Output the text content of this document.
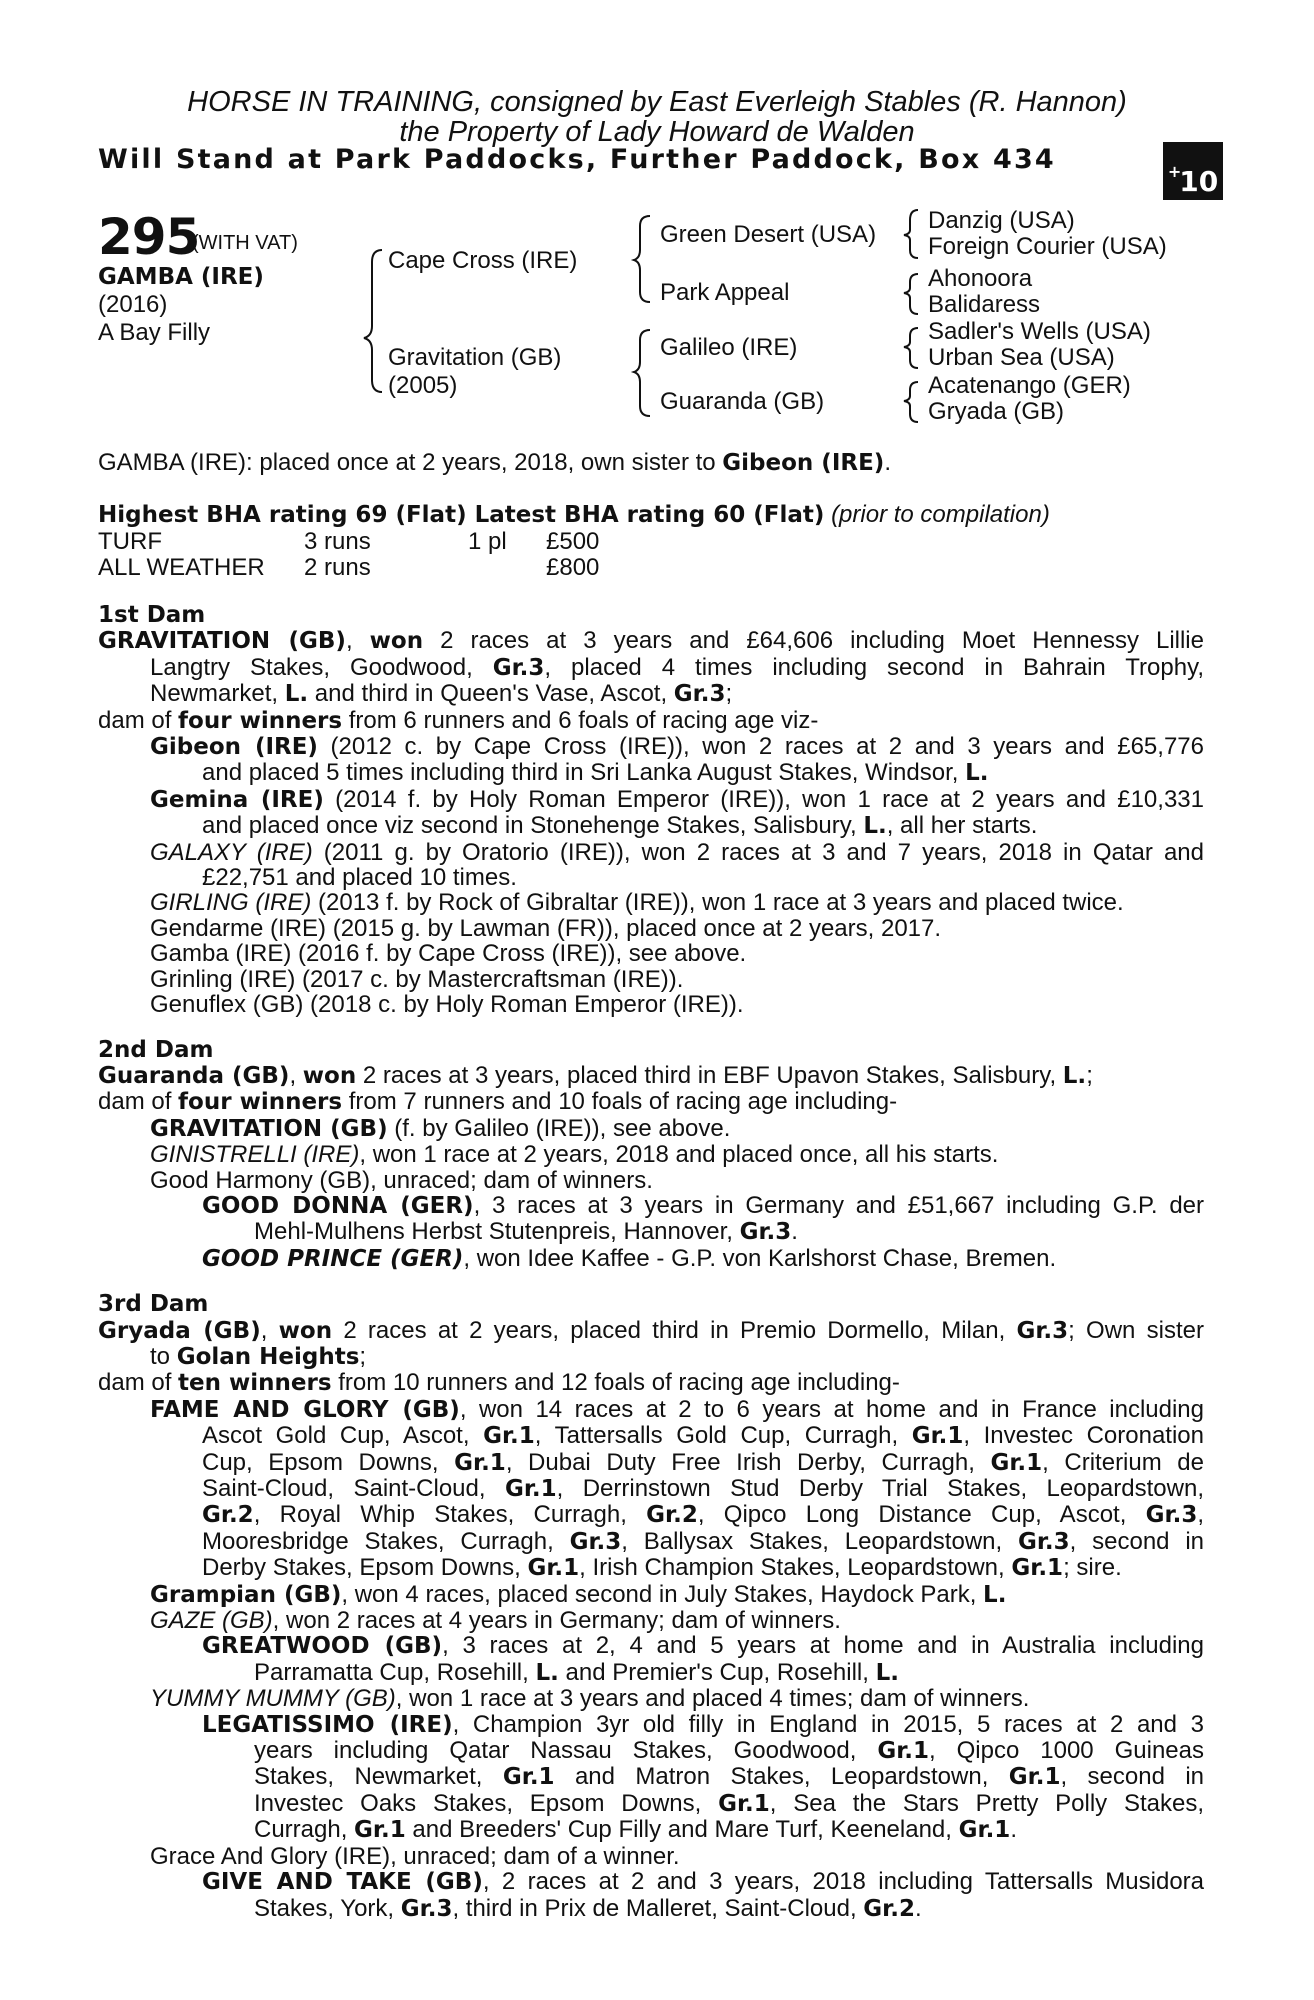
HORSE IN TRAINING, consigned by East Everleigh Stables (R. Hannon)
the Property of Lady Howard de Walden
Will Stand at Park Paddocks, Further Paddock, Box 434	+10
295
(WITH VAT)
GAMBA (IRE)
(2016)
A Bay Filly
Cape Cross (IRE)
Gravitation (GB)
(2005)
Green Desert (USA)
Park Appeal
Galileo (IRE)
Guaranda (GB)
Danzig (USA)
Foreign Courier (USA)
Ahonoora
Balidaress
Sadler's Wells (USA)
Urban Sea (USA)
Acatenango (GER)
Gryada (GB)
GAMBA (IRE): placed once at 2 years, 2018, own sister to Gibeon (IRE).
Highest BHA rating 69 (Flat) Latest BHA rating 60 (Flat) (prior to compilation)
TURF	3 runs	1 pl	£500
ALL WEATHER	2 runs		£800

1st Dam

GRAVITATION (GB), won 2 races at 3 years and £64,606 including Moet Hennessy Lillie

Langtry Stakes, Goodwood, Gr.3, placed 4 times including second in Bahrain Trophy,

Newmarket, L. and third in Queen's Vase, Ascot, Gr.3;

dam of four winners from 6 runners and 6 foals of racing age viz-

Gibeon (IRE) (2012 c. by Cape Cross (IRE)), won 2 races at 2 and 3 years and £65,776

and placed 5 times including third in Sri Lanka August Stakes, Windsor, L.

Gemina (IRE) (2014 f. by Holy Roman Emperor (IRE)), won 1 race at 2 years and £10,331

and placed once viz second in Stonehenge Stakes, Salisbury, L., all her starts.

GALAXY (IRE) (2011 g. by Oratorio (IRE)), won 2 races at 3 and 7 years, 2018 in Qatar and

£22,751 and placed 10 times.

GIRLING (IRE) (2013 f. by Rock of Gibraltar (IRE)), won 1 race at 3 years and placed twice.

Gendarme (IRE) (2015 g. by Lawman (FR)), placed once at 2 years, 2017.

Gamba (IRE) (2016 f. by Cape Cross (IRE)), see above.

Grinling (IRE) (2017 c. by Mastercraftsman (IRE)).

Genuflex (GB) (2018 c. by Holy Roman Emperor (IRE)).

2nd Dam

Guaranda (GB), won 2 races at 3 years, placed third in EBF Upavon Stakes, Salisbury, L.;

dam of four winners from 7 runners and 10 foals of racing age including-

GRAVITATION (GB) (f. by Galileo (IRE)), see above.

GINISTRELLI (IRE), won 1 race at 2 years, 2018 and placed once, all his starts.

Good Harmony (GB), unraced; dam of winners.

GOOD DONNA (GER), 3 races at 3 years in Germany and £51,667 including G.P. der

Mehl-Mulhens Herbst Stutenpreis, Hannover, Gr.3.

GOOD PRINCE (GER), won Idee Kaffee - G.P. von Karlshorst Chase, Bremen.

3rd Dam

Gryada (GB), won 2 races at 2 years, placed third in Premio Dormello, Milan, Gr.3; Own sister

to Golan Heights;

dam of ten winners from 10 runners and 12 foals of racing age including-

FAME AND GLORY (GB), won 14 races at 2 to 6 years at home and in France including

Ascot Gold Cup, Ascot, Gr.1, Tattersalls Gold Cup, Curragh, Gr.1, Investec Coronation

Cup, Epsom Downs, Gr.1, Dubai Duty Free Irish Derby, Curragh, Gr.1, Criterium de

Saint-Cloud, Saint-Cloud, Gr.1, Derrinstown Stud Derby Trial Stakes, Leopardstown,

Gr.2, Royal Whip Stakes, Curragh, Gr.2, Qipco Long Distance Cup, Ascot, Gr.3,

Mooresbridge Stakes, Curragh, Gr.3, Ballysax Stakes, Leopardstown, Gr.3, second in

Derby Stakes, Epsom Downs, Gr.1, Irish Champion Stakes, Leopardstown, Gr.1; sire.

Grampian (GB), won 4 races, placed second in July Stakes, Haydock Park, L.

GAZE (GB), won 2 races at 4 years in Germany; dam of winners.

GREATWOOD (GB), 3 races at 2, 4 and 5 years at home and in Australia including

Parramatta Cup, Rosehill, L. and Premier's Cup, Rosehill, L.

YUMMY MUMMY (GB), won 1 race at 3 years and placed 4 times; dam of winners.

LEGATISSIMO (IRE), Champion 3yr old filly in England in 2015, 5 races at 2 and 3

years including Qatar Nassau Stakes, Goodwood, Gr.1, Qipco 1000 Guineas

Stakes, Newmarket, Gr.1 and Matron Stakes, Leopardstown, Gr.1, second in

Investec Oaks Stakes, Epsom Downs, Gr.1, Sea the Stars Pretty Polly Stakes,

Curragh, Gr.1 and Breeders' Cup Filly and Mare Turf, Keeneland, Gr.1.

Grace And Glory (IRE), unraced; dam of a winner.

GIVE AND TAKE (GB), 2 races at 2 and 3 years, 2018 including Tattersalls Musidora

Stakes, York, Gr.3, third in Prix de Malleret, Saint-Cloud, Gr.2.
